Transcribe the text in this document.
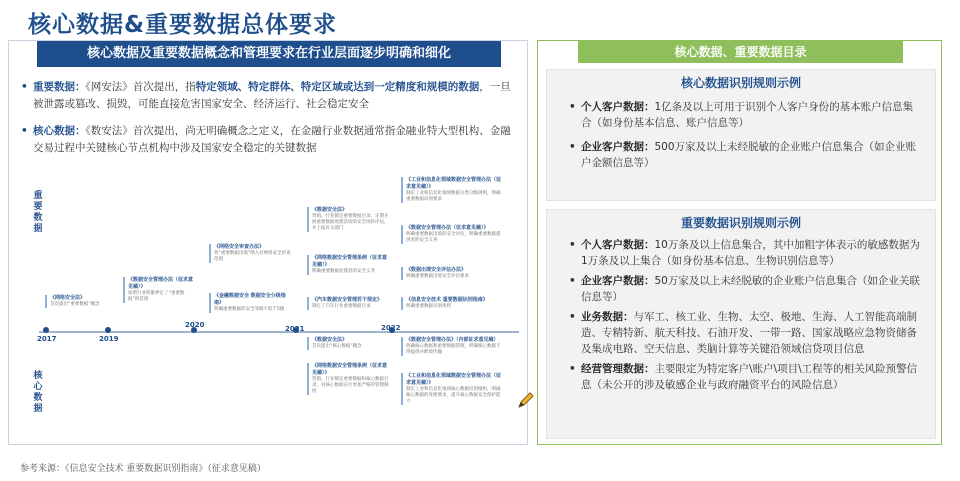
核心数据&重要数据总体要求
核心数据及重要数据概念和管理要求在行业层面逐步明确和细化
• 重要数据：《网安法》首次提出，指特定领域、特定群体、特定区域或达到一定精度和规模的数据，一旦被泄露或篡改、损毁，可能直接危害国家安全、经济运行、社会稳定安全
• 核心数据：《数安法》首次提出，尚无明确概念之定义，在金融行业数据通常指金融业特大型机构、金融交易过程中关键核心节点机构中涉及国家安全稳定的关键数据
重要数据
核心数据
2017	2019
2020	2021	2022
《网络安全法》
首次提出“重要数据”概念
《数据安全管理办法（征求意见稿）》
按照行业积累界定了“重要数据”的范围
《网络安全审查办法》
将“重要数据出境”纳入对网络安全审查范围
《金融数据安全 数据安全分级指南》
明确重要数据的安全等级不低于5级
《数据安全法》
营销、行业制定重要数据目录；定期开展重要数据处理活动的安全风险评估，并上报有关部门
《网络数据安全管理条例（征求意见稿）》
明确重要数据处理者的安全义务
《汽车数据安全管理若干规定》
制定了汽车行业重要数据目录
《工业和信息化领域数据安全管理办法（征求意见稿）》
制定工业和信息化领域数据分类分级规则，明确重要数据识别要求
《数据安全管理办法（征求意见稿）》
明确重要数据出境的安全评估，明确重要数据提供者的安全义务
《数据出境安全评估办法》
明确重要数据出境安全评估要求
《信息安全技术 重要数据识别指南》
明确重要数据识别规则
《数据安全法》
首次提出“核心数据”概念
《网络数据安全管理条例（征求意见稿）》
营销、行业制定重要数据和核心数据目录，对核心数据实行更加严格的管理制度
《数据安全管理办法》（内部征求意见稿）
明确核心数据和重要数据管理，明确核心数据不得提供并跨境传输
《工业和信息化领域数据安全管理办法（征求意见稿）》
制定工业和信息化领域核心数据识别细则，明确核心数据的处理要求，提升核心数据安全保护能力
核心数据、重要数据目录
核心数据识别规则示例
• 个人客户数据：1亿条及以上可用于识别个人客户身份的基本账户信息集合（如身份基本信息、账户信息等）
• 企业客户数据：500万家及以上未经脱敏的企业账户信息集合（如企业账户金额信息等）
重要数据识别规则示例
• 个人客户数据：10万条及以上信息集合，其中加粗字体表示的敏感数据为1万条及以上集合（如身份基本信息、生物识别信息等）
• 企业客户数据：50万家及以上未经脱敏的企业账户信息集合（如企业关联信息等）
• 业务数据：与军工、核工业、生物、太空、极地、生海、人工智能高端制造、专精特新、航天科技、石油开发、一带一路、国家战略应急物资储备及集成电路、空天信息、类脑计算等关键沿领域信贷项目信息
• 经营管理数据：主要限定为特定客户\账户\项目\工程等的相关风险预警信息（未公开的涉及敏感企业与政府融资平台的风险信息）
参考来源：《信息安全技术 重要数据识别指南》（征求意见稿）
